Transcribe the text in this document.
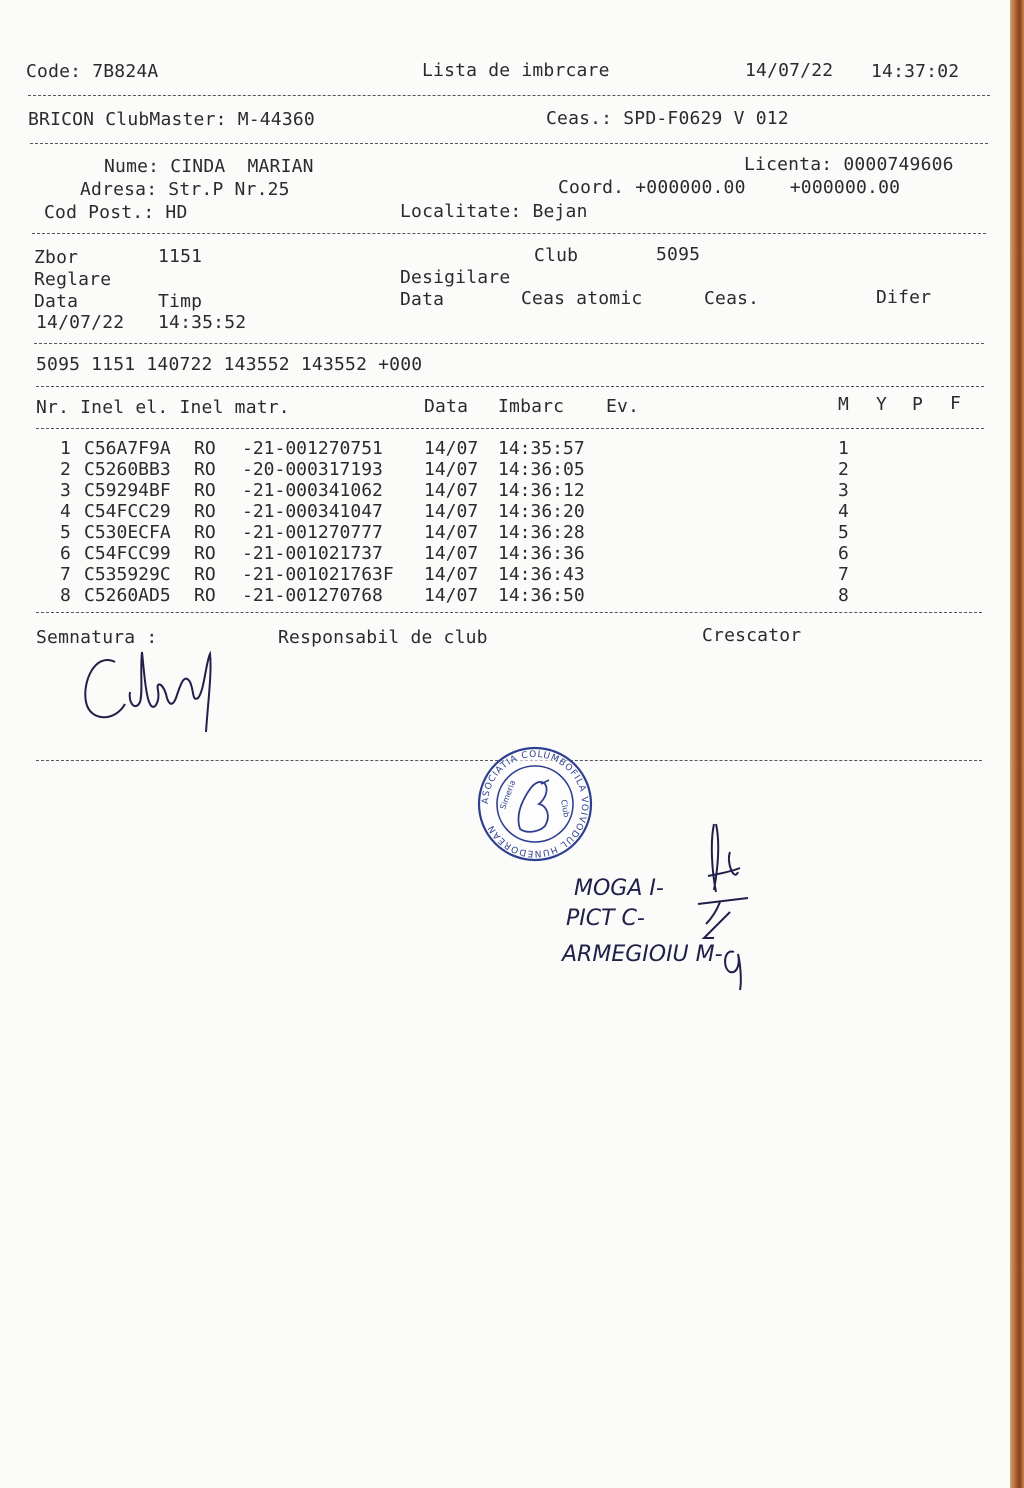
Code: 7B824A	Lista de imbrcare	14/07/22 14:37:02
BRICON ClubMaster: M-44360	Ceas.: SPD-F0629 V 012
Nume: CINDA  MARIAN
Adresa: Str.P Nr.25
Cod Post.: HD
Licenta: 0000749606
Coord. +000000.00    +000000.00
Localitate: Bejan
Zbor	1151	Club	5095
Reglare	Desigilare
Data	Timp	Data	Ceas atomic	Ceas.	Difer
14/07/22 14:35:52
5095 1151 140722 143552 143552 +000
Nr. Inel el. Inel matr.	Data Imbarc Ev.	M Y P F
1 C56A7F9A RO -21-001270751 14/07 14:35:57	1
2 C5260BB3 RO -20-000317193 14/07 14:36:05	2
3 C59294BF RO -21-000341062 14/07 14:36:12	3
4 C54FCC29 RO -21-000341047 14/07 14:36:20	4
5 C530ECFA RO -21-001270777 14/07 14:36:28	5
6 C54FCC99 RO -21-001021737 14/07 14:36:36	6
7 C535929C RO -21-001021763F 14/07 14:36:43	7
8 C5260AD5 RO -21-001270768 14/07 14:36:50	8
Semnatura :	Responsabil de club	Crescator
ASOCIATIA COLUMBOFILA VOIVODUL HUNEDOREAN
Simeria	Club
MOGA I-
PICT C-
ARMEGIOIU M-
